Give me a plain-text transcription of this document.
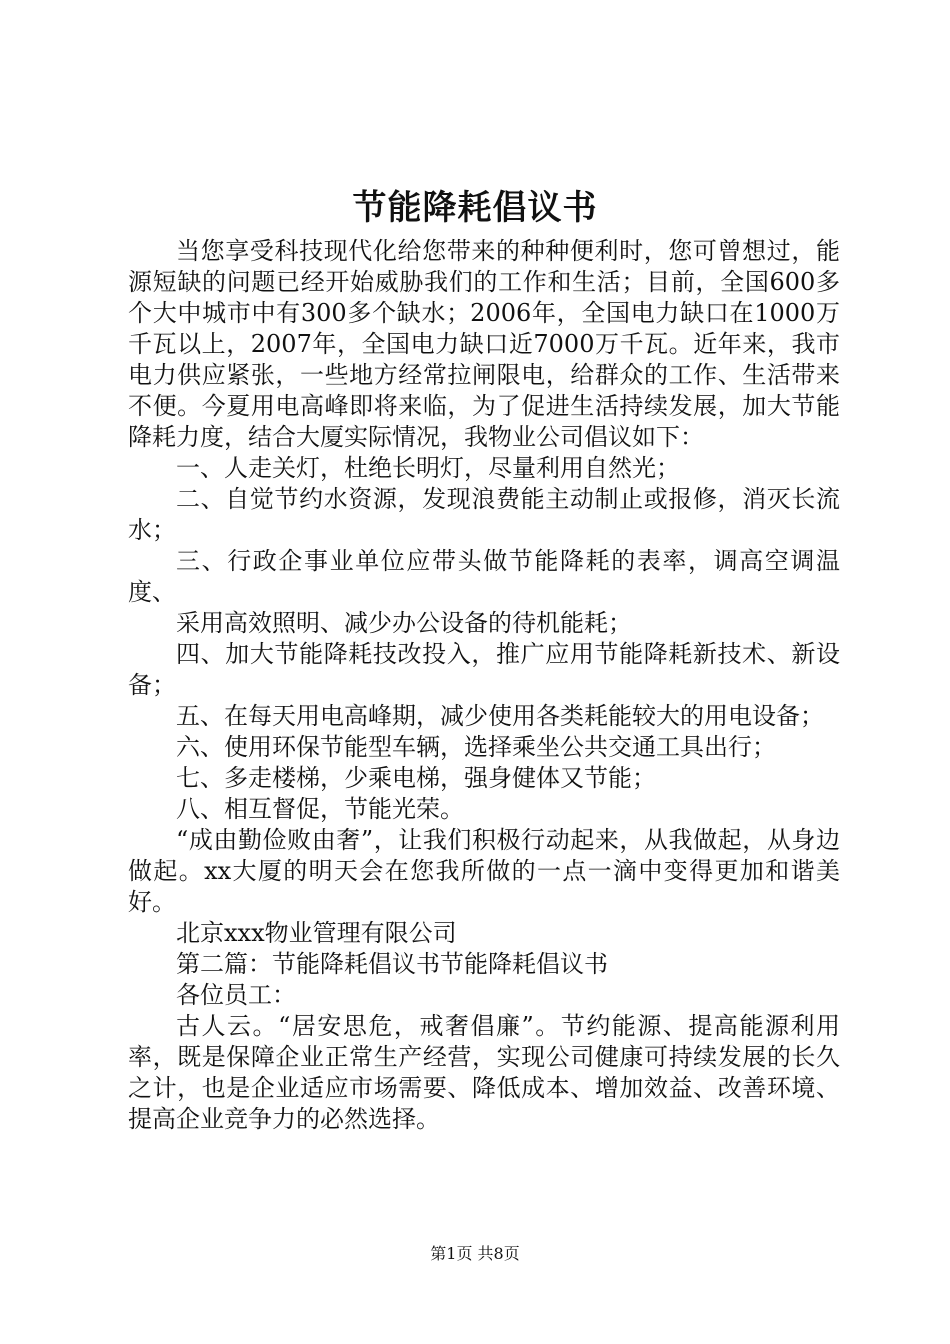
节能降耗倡议书

当您享受科技现代化给您带来的种种便利时，您可曾想过，能源短缺的问题已经开始威胁我们的工作和生活；目前，全国600多个大中城市中有300多个缺水；2006年，全国电力缺口在1000万千瓦以上，2007年，全国电力缺口近7000万千瓦。近年来，我市电力供应紧张，一些地方经常拉闸限电，给群众的工作、生活带来不便。今夏用电高峰即将来临，为了促进生活持续发展，加大节能降耗力度，结合大厦实际情况，我物业公司倡议如下：

一、人走关灯，杜绝长明灯，尽量利用自然光；

二、自觉节约水资源，发现浪费能主动制止或报修，消灭长流水；

三、行政企事业单位应带头做节能降耗的表率，调高空调温度、

采用高效照明、减少办公设备的待机能耗；

四、加大节能降耗技改投入，推广应用节能降耗新技术、新设备；

五、在每天用电高峰期，减少使用各类耗能较大的用电设备；

六、使用环保节能型车辆，选择乘坐公共交通工具出行；

七、多走楼梯，少乘电梯，强身健体又节能；

八、相互督促，节能光荣。

“成由勤俭败由奢”，让我们积极行动起来，从我做起，从身边做起。xx大厦的明天会在您我所做的一点一滴中变得更加和谐美好。

北京xxx物业管理有限公司

第二篇：节能降耗倡议书节能降耗倡议书

各位员工：

古人云。“居安思危，戒奢倡廉”。节约能源、提高能源利用率，既是保障企业正常生产经营，实现公司健康可持续发展的长久之计，也是企业适应市场需要、降低成本、增加效益、改善环境、提高企业竞争力的必然选择。

第1页 共8页
